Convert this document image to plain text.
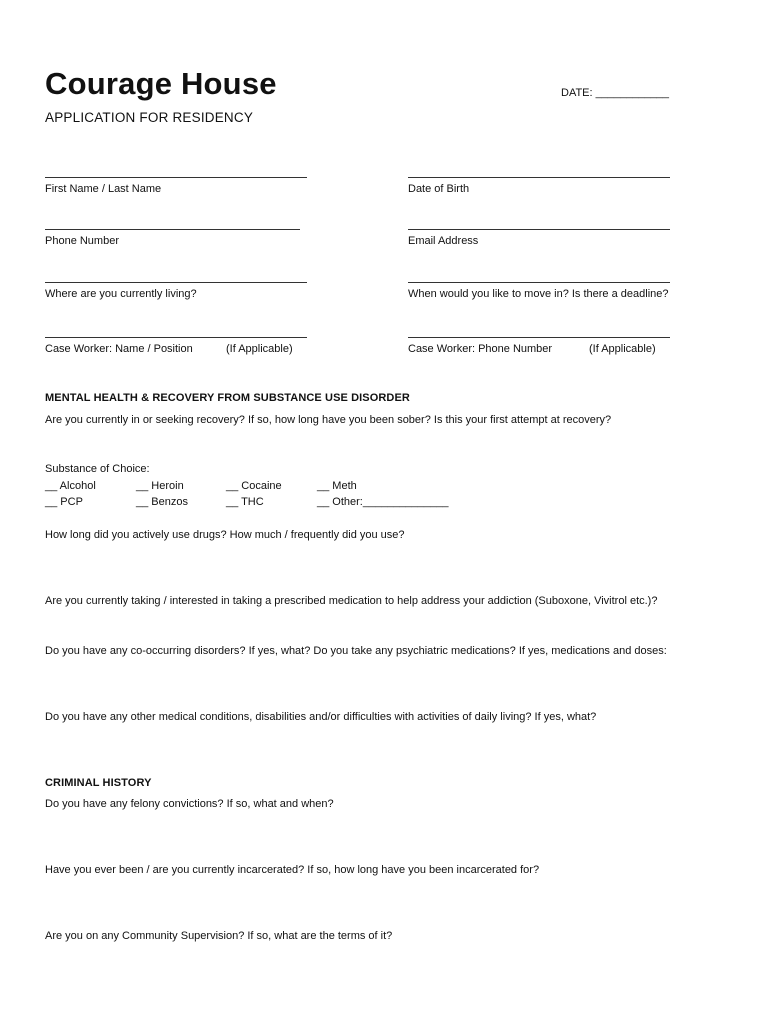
Courage House	DATE: ____________
APPLICATION FOR RESIDENCY
First Name / Last Name	Date of Birth
Phone Number	Email Address
Where are you currently living?	When would you like to move in? Is there a deadline?
Case Worker: Name / Position	(If Applicable)	Case Worker: Phone Number	(If Applicable)
MENTAL HEALTH & RECOVERY FROM SUBSTANCE USE DISORDER
Are you currently in or seeking recovery? If so, how long have you been sober? Is this your first attempt at recovery?
Substance of Choice:
__ Alcohol	__ Heroin	__ Cocaine	__ Meth
__ PCP	__ Benzos	__ THC	__ Other:______________
How long did you actively use drugs? How much / frequently did you use?
Are you currently taking / interested in taking a prescribed medication to help address your addiction (Suboxone, Vivitrol etc.)?
Do you have any co-occurring disorders? If yes, what? Do you take any psychiatric medications? If yes, medications and doses:
Do you have any other medical conditions, disabilities and/or difficulties with activities of daily living? If yes, what?
CRIMINAL HISTORY
Do you have any felony convictions? If so, what and when?
Have you ever been / are you currently incarcerated? If so, how long have you been incarcerated for?
Are you on any Community Supervision? If so, what are the terms of it?
